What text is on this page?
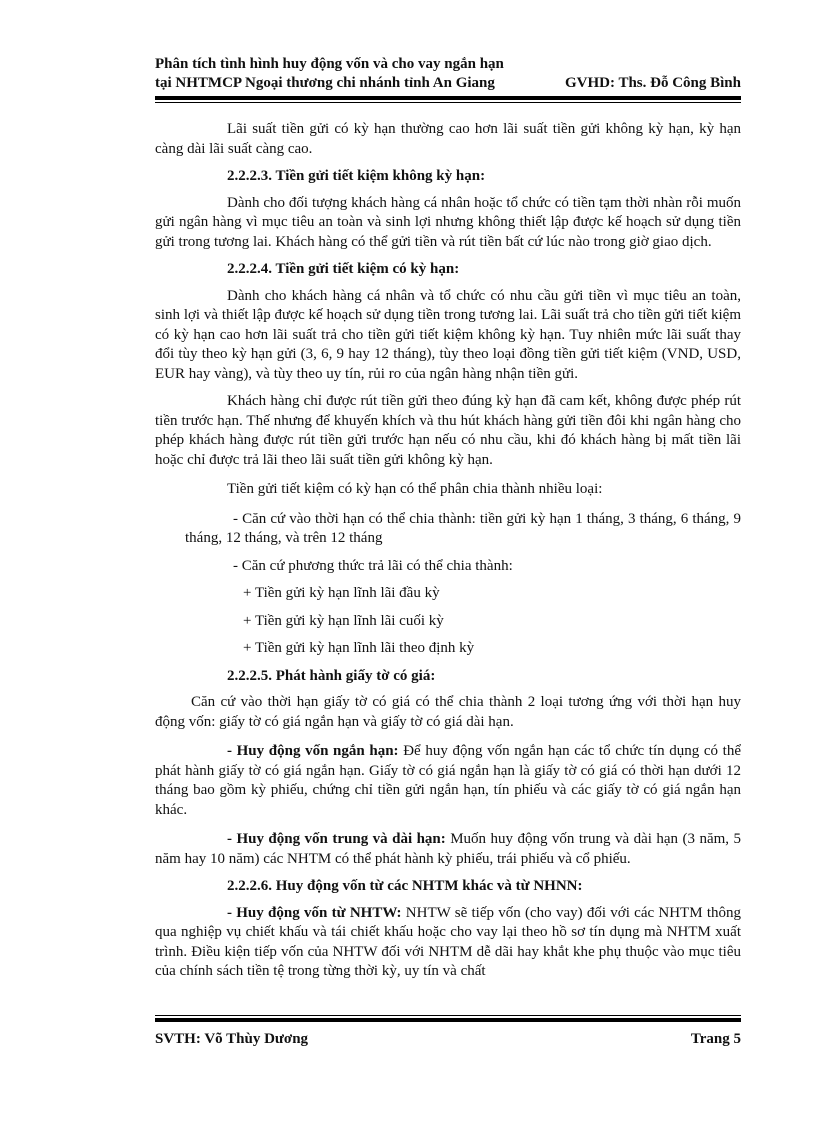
Phân tích tình hình huy động vốn và cho vay ngắn hạn
tại NHTMCP Ngoại thương chi nhánh tỉnh An Giang	GVHD: Ths. Đỗ Công Bình

Lãi suất tiền gửi có kỳ hạn thường cao hơn lãi suất tiền gửi không kỳ hạn, kỳ hạn càng dài lãi suất càng cao.

2.2.2.3. Tiền gửi tiết kiệm không kỳ hạn:

Dành cho đối tượng khách hàng cá nhân hoặc tổ chức có tiền tạm thời nhàn rỗi muốn gửi ngân hàng vì mục tiêu an toàn và sinh lợi nhưng không thiết lập được kế hoạch sử dụng tiền gửi trong tương lai. Khách hàng có thể gửi tiền và rút tiền bất cứ lúc nào trong giờ giao dịch.

2.2.2.4. Tiền gửi tiết kiệm có kỳ hạn:

Dành cho khách hàng cá nhân và tổ chức có nhu cầu gửi tiền vì mục tiêu an toàn, sinh lợi và thiết lập được kế hoạch sử dụng tiền trong tương lai. Lãi suất trả cho tiền gửi tiết kiệm có kỳ hạn cao hơn lãi suất trả cho tiền gửi tiết kiệm không kỳ hạn. Tuy nhiên mức lãi suất thay đổi tùy theo kỳ hạn gửi (3, 6, 9 hay 12 tháng), tùy theo loại đồng tiền gửi tiết kiệm (VND, USD, EUR hay vàng), và tùy theo uy tín, rủi ro của ngân hàng nhận tiền gửi.

Khách hàng chỉ được rút tiền gửi theo đúng kỳ hạn đã cam kết, không được phép rút tiền trước hạn. Thế nhưng để khuyến khích và thu hút khách hàng gửi tiền đôi khi ngân hàng cho phép khách hàng được rút tiền gửi trước hạn nếu có nhu cầu, khi đó khách hàng bị mất tiền lãi hoặc chỉ được trả lãi theo lãi suất tiền gửi không kỳ hạn.

Tiền gửi tiết kiệm có kỳ hạn có thể phân chia thành nhiều loại:

- Căn cứ vào thời hạn có thể chia thành: tiền gửi kỳ hạn 1 tháng, 3 tháng, 6 tháng, 9 tháng, 12 tháng, và trên 12 tháng

- Căn cứ phương thức trả lãi có thể chia thành:

+ Tiền gửi kỳ hạn lĩnh lãi đầu kỳ

+ Tiền gửi kỳ hạn lĩnh lãi cuối kỳ

+ Tiền gửi kỳ hạn lĩnh lãi theo định kỳ

2.2.2.5. Phát hành giấy tờ có giá:

Căn cứ vào thời hạn giấy tờ có giá có thể chia thành 2 loại tương ứng với thời hạn huy động vốn: giấy tờ có giá ngắn hạn và giấy tờ có giá dài hạn.

- Huy động vốn ngắn hạn: Để huy động vốn ngắn hạn các tổ chức tín dụng có thể phát hành giấy tờ có giá ngắn hạn. Giấy tờ có giá ngắn hạn là giấy tờ có giá có thời hạn dưới 12 tháng bao gồm kỳ phiếu, chứng chỉ tiền gửi ngắn hạn, tín phiếu và các giấy tờ có giá ngắn hạn khác.

- Huy động vốn trung và dài hạn: Muốn huy động vốn trung và dài hạn (3 năm, 5 năm hay 10 năm) các NHTM có thể phát hành kỳ phiếu, trái phiếu và cổ phiếu.

2.2.2.6. Huy động vốn từ các NHTM khác và từ NHNN:

- Huy động vốn từ NHTW: NHTW sẽ tiếp vốn (cho vay) đối với các NHTM thông qua nghiệp vụ chiết khấu và tái chiết khấu hoặc cho vay lại theo hồ sơ tín dụng mà NHTM xuất trình. Điều kiện tiếp vốn của NHTW đối với NHTM dễ dãi hay khắt khe phụ thuộc vào mục tiêu của chính sách tiền tệ trong từng thời kỳ, uy tín và chất

SVTH: Võ Thùy Dương	Trang 5
